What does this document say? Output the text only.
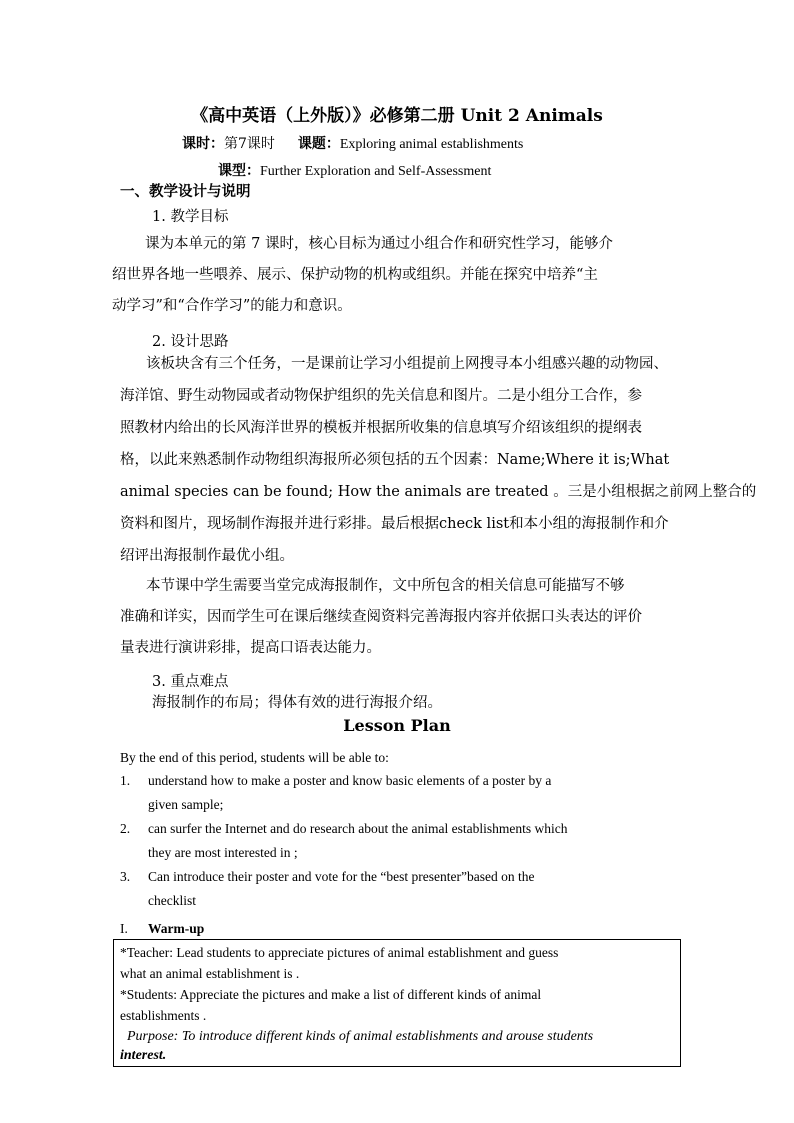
《高中英语（上外版）》必修第二册 Unit 2 Animals
课时：第7课时 课题：Exploring animal establishments
课型：Further Exploration and Self-Assessment
一、教学设计与说明
1. 教学目标
课为本单元的第 7 课时，核心目标为通过小组合作和研究性学习，能够介
绍世界各地一些喂养、展示、保护动物的机构或组织。并能在探究中培养“主
动学习”和“合作学习”的能力和意识。
2. 设计思路
该板块含有三个任务，一是课前让学习小组提前上网搜寻本小组感兴趣的动物园、
海洋馆、野生动物园或者动物保护组织的先关信息和图片。二是小组分工合作，参
照教材内给出的长风海洋世界的模板并根据所收集的信息填写介绍该组织的提纲表
格，以此来熟悉制作动物组织海报所必须包括的五个因素：Name;Where it is;What
animal species can be found; How the animals are treated 。三是小组根据之前网上整合的
资料和图片，现场制作海报并进行彩排。最后根据check list和本小组的海报制作和介
绍评出海报制作最优小组。
本节课中学生需要当堂完成海报制作，文中所包含的相关信息可能描写不够
准确和详实，因而学生可在课后继续查阅资料完善海报内容并依据口头表达的评价
量表进行演讲彩排，提高口语表达能力。
3. 重点难点
海报制作的布局；得体有效的进行海报介绍。
Lesson Plan
By the end of this period, students will be able to:
1. understand how to make a poster and know basic elements of a poster by a
given sample;
2. can surfer the Internet and do research about the animal establishments which
they are most interested in ;
3. Can introduce their poster and vote for the “best presenter”based on the
checklist
I. Warm-up
*Teacher: Lead students to appreciate pictures of animal establishment and guess
what an animal establishment is .
*Students: Appreciate the pictures and make a list of different kinds of animal
establishments .
Purpose: To introduce different kinds of animal establishments and arouse students
interest.
